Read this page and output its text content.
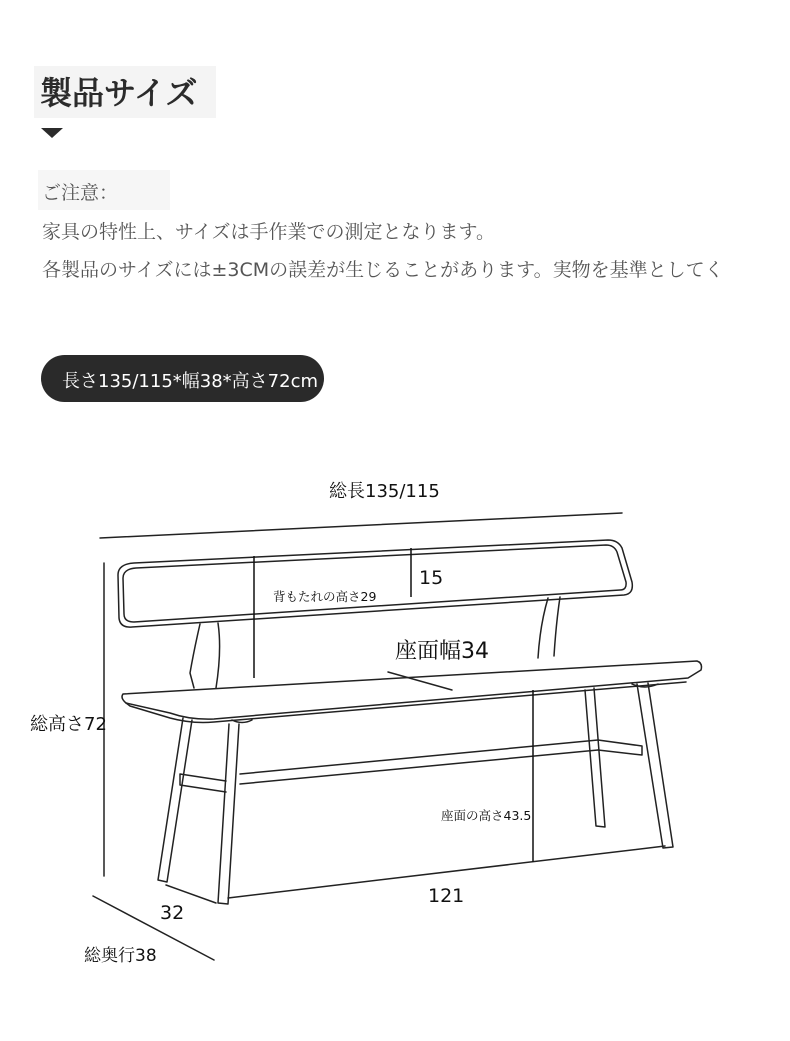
製品サイズ
ご注意：
家具の特性上、サイズは手作業での測定となります。
各製品のサイズには±3CMの誤差が生じることがあります。実物を基準としてく
長さ135/115*幅38*高さ72cm
総長135/115
15
背もたれの高さ29
座面幅34
総高さ72
座面の高さ43.5
121
32
総奥行38
